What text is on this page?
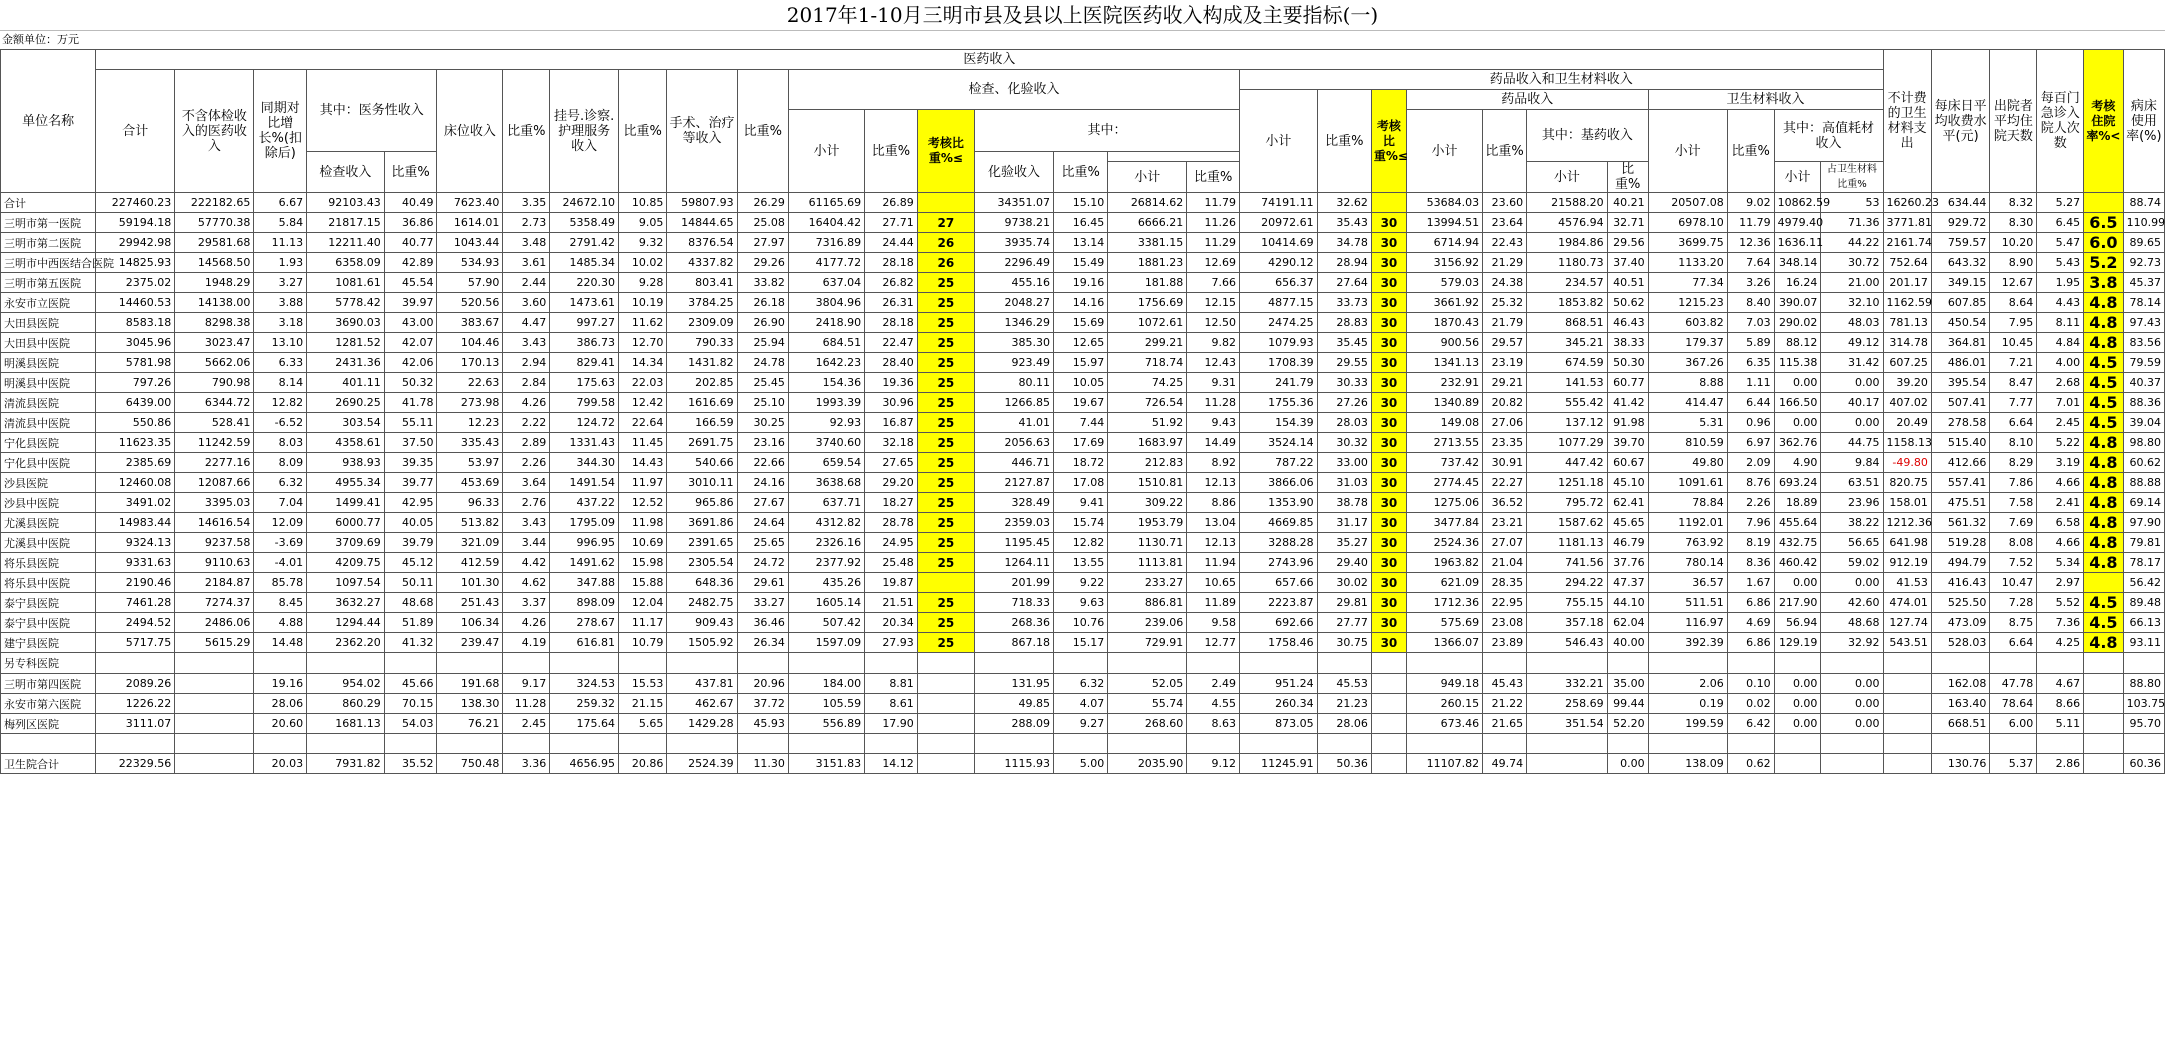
2017年1-10月三明市县及县以上医院医药收入构成及主要指标(一)
金额单位：万元
单位名称	医药收入																													不计费的卫生材料支出	每床日平均收费水平(元)	出院者平均住院天数	每百门急诊入院人次数	考核住院率%<	病床使用率(%)
	合计	不含体检收入的医药收入	同期对比增长%(扣除后)	其中：医务性收入		床位收入	比重%	挂号.诊察.护理服务收入	比重%	手术、治疗等收入	比重%	检查、化验收入							药品收入和卫生材料收入																
																			小计	比重%	考核比重%≤	药品收入				卫生材料收入									
												小计	比重%	考核比重%≤	其中：							小计	比重%	其中：基药收入		小计	比重%	其中：高值耗材收入							
				检查收入	比重%										化验收入	比重%																			
																	小计	比重%						小计	比重%			小计	占卫生材料比重%						
合计	227460.23	222182.65	6.67	92103.43	40.49	7623.40	3.35	24672.10	10.85	59807.93	26.29	61165.69	26.89		34351.07	15.10	26814.62	11.79	74191.11	32.62		53684.03	23.60	21588.20	40.21	20507.08	9.02	10862.59	53	16260.23	634.44	8.32	5.27		88.74
三明市第一医院	59194.18	57770.38	5.84	21817.15	36.86	1614.01	2.73	5358.49	9.05	14844.65	25.08	16404.42	27.71	27	9738.21	16.45	6666.21	11.26	20972.61	35.43	30	13994.51	23.64	4576.94	32.71	6978.10	11.79	4979.40	71.36	3771.81	929.72	8.30	6.45	6.5	110.99
三明市第二医院	29942.98	29581.68	11.13	12211.40	40.77	1043.44	3.48	2791.42	9.32	8376.54	27.97	7316.89	24.44	26	3935.74	13.14	3381.15	11.29	10414.69	34.78	30	6714.94	22.43	1984.86	29.56	3699.75	12.36	1636.11	44.22	2161.74	759.57	10.20	5.47	6.0	89.65
三明市中西医结合医院	14825.93	14568.50	1.93	6358.09	42.89	534.93	3.61	1485.34	10.02	4337.82	29.26	4177.72	28.18	26	2296.49	15.49	1881.23	12.69	4290.12	28.94	30	3156.92	21.29	1180.73	37.40	1133.20	7.64	348.14	30.72	752.64	643.32	8.90	5.43	5.2	92.73
三明市第五医院	2375.02	1948.29	3.27	1081.61	45.54	57.90	2.44	220.30	9.28	803.41	33.82	637.04	26.82	25	455.16	19.16	181.88	7.66	656.37	27.64	30	579.03	24.38	234.57	40.51	77.34	3.26	16.24	21.00	201.17	349.15	12.67	1.95	3.8	45.37
永安市立医院	14460.53	14138.00	3.88	5778.42	39.97	520.56	3.60	1473.61	10.19	3784.25	26.18	3804.96	26.31	25	2048.27	14.16	1756.69	12.15	4877.15	33.73	30	3661.92	25.32	1853.82	50.62	1215.23	8.40	390.07	32.10	1162.59	607.85	8.64	4.43	4.8	78.14
大田县医院	8583.18	8298.38	3.18	3690.03	43.00	383.67	4.47	997.27	11.62	2309.09	26.90	2418.90	28.18	25	1346.29	15.69	1072.61	12.50	2474.25	28.83	30	1870.43	21.79	868.51	46.43	603.82	7.03	290.02	48.03	781.13	450.54	7.95	8.11	4.8	97.43
大田县中医院	3045.96	3023.47	13.10	1281.52	42.07	104.46	3.43	386.73	12.70	790.33	25.94	684.51	22.47	25	385.30	12.65	299.21	9.82	1079.93	35.45	30	900.56	29.57	345.21	38.33	179.37	5.89	88.12	49.12	314.78	364.81	10.45	4.84	4.8	83.56
明溪县医院	5781.98	5662.06	6.33	2431.36	42.06	170.13	2.94	829.41	14.34	1431.82	24.78	1642.23	28.40	25	923.49	15.97	718.74	12.43	1708.39	29.55	30	1341.13	23.19	674.59	50.30	367.26	6.35	115.38	31.42	607.25	486.01	7.21	4.00	4.5	79.59
明溪县中医院	797.26	790.98	8.14	401.11	50.32	22.63	2.84	175.63	22.03	202.85	25.45	154.36	19.36	25	80.11	10.05	74.25	9.31	241.79	30.33	30	232.91	29.21	141.53	60.77	8.88	1.11	0.00	0.00	39.20	395.54	8.47	2.68	4.5	40.37
清流县医院	6439.00	6344.72	12.82	2690.25	41.78	273.98	4.26	799.58	12.42	1616.69	25.10	1993.39	30.96	25	1266.85	19.67	726.54	11.28	1755.36	27.26	30	1340.89	20.82	555.42	41.42	414.47	6.44	166.50	40.17	407.02	507.41	7.77	7.01	4.5	88.36
清流县中医院	550.86	528.41	-6.52	303.54	55.11	12.23	2.22	124.72	22.64	166.59	30.25	92.93	16.87	25	41.01	7.44	51.92	9.43	154.39	28.03	30	149.08	27.06	137.12	91.98	5.31	0.96	0.00	0.00	20.49	278.58	6.64	2.45	4.5	39.04
宁化县医院	11623.35	11242.59	8.03	4358.61	37.50	335.43	2.89	1331.43	11.45	2691.75	23.16	3740.60	32.18	25	2056.63	17.69	1683.97	14.49	3524.14	30.32	30	2713.55	23.35	1077.29	39.70	810.59	6.97	362.76	44.75	1158.13	515.40	8.10	5.22	4.8	98.80
宁化县中医院	2385.69	2277.16	8.09	938.93	39.35	53.97	2.26	344.30	14.43	540.66	22.66	659.54	27.65	25	446.71	18.72	212.83	8.92	787.22	33.00	30	737.42	30.91	447.42	60.67	49.80	2.09	4.90	9.84	-49.80	412.66	8.29	3.19	4.8	60.62
沙县医院	12460.08	12087.66	6.32	4955.34	39.77	453.69	3.64	1491.54	11.97	3010.11	24.16	3638.68	29.20	25	2127.87	17.08	1510.81	12.13	3866.06	31.03	30	2774.45	22.27	1251.18	45.10	1091.61	8.76	693.24	63.51	820.75	557.41	7.86	4.66	4.8	88.88
沙县中医院	3491.02	3395.03	7.04	1499.41	42.95	96.33	2.76	437.22	12.52	965.86	27.67	637.71	18.27	25	328.49	9.41	309.22	8.86	1353.90	38.78	30	1275.06	36.52	795.72	62.41	78.84	2.26	18.89	23.96	158.01	475.51	7.58	2.41	4.8	69.14
尤溪县医院	14983.44	14616.54	12.09	6000.77	40.05	513.82	3.43	1795.09	11.98	3691.86	24.64	4312.82	28.78	25	2359.03	15.74	1953.79	13.04	4669.85	31.17	30	3477.84	23.21	1587.62	45.65	1192.01	7.96	455.64	38.22	1212.36	561.32	7.69	6.58	4.8	97.90
尤溪县中医院	9324.13	9237.58	-3.69	3709.69	39.79	321.09	3.44	996.95	10.69	2391.65	25.65	2326.16	24.95	25	1195.45	12.82	1130.71	12.13	3288.28	35.27	30	2524.36	27.07	1181.13	46.79	763.92	8.19	432.75	56.65	641.98	519.28	8.08	4.66	4.8	79.81
将乐县医院	9331.63	9110.63	-4.01	4209.75	45.12	412.59	4.42	1491.62	15.98	2305.54	24.72	2377.92	25.48	25	1264.11	13.55	1113.81	11.94	2743.96	29.40	30	1963.82	21.04	741.56	37.76	780.14	8.36	460.42	59.02	912.19	494.79	7.52	5.34	4.8	78.17
将乐县中医院	2190.46	2184.87	85.78	1097.54	50.11	101.30	4.62	347.88	15.88	648.36	29.61	435.26	19.87		201.99	9.22	233.27	10.65	657.66	30.02	30	621.09	28.35	294.22	47.37	36.57	1.67	0.00	0.00	41.53	416.43	10.47	2.97		56.42
泰宁县医院	7461.28	7274.37	8.45	3632.27	48.68	251.43	3.37	898.09	12.04	2482.75	33.27	1605.14	21.51	25	718.33	9.63	886.81	11.89	2223.87	29.81	30	1712.36	22.95	755.15	44.10	511.51	6.86	217.90	42.60	474.01	525.50	7.28	5.52	4.5	89.48
泰宁县中医院	2494.52	2486.06	4.88	1294.44	51.89	106.34	4.26	278.67	11.17	909.43	36.46	507.42	20.34	25	268.36	10.76	239.06	9.58	692.66	27.77	30	575.69	23.08	357.18	62.04	116.97	4.69	56.94	48.68	127.74	473.09	8.75	7.36	4.5	66.13
建宁县医院	5717.75	5615.29	14.48	2362.20	41.32	239.47	4.19	616.81	10.79	1505.92	26.34	1597.09	27.93	25	867.18	15.17	729.91	12.77	1758.46	30.75	30	1366.07	23.89	546.43	40.00	392.39	6.86	129.19	32.92	543.51	528.03	6.64	4.25	4.8	93.11
另专科医院																																			
三明市第四医院	2089.26		19.16	954.02	45.66	191.68	9.17	324.53	15.53	437.81	20.96	184.00	8.81		131.95	6.32	52.05	2.49	951.24	45.53		949.18	45.43	332.21	35.00	2.06	0.10	0.00	0.00		162.08	47.78	4.67		88.80
永安市第六医院	1226.22		28.06	860.29	70.15	138.30	11.28	259.32	21.15	462.67	37.72	105.59	8.61		49.85	4.07	55.74	4.55	260.34	21.23		260.15	21.22	258.69	99.44	0.19	0.02	0.00	0.00		163.40	78.64	8.66		103.75
梅列区医院	3111.07		20.60	1681.13	54.03	76.21	2.45	175.64	5.65	1429.28	45.93	556.89	17.90		288.09	9.27	268.60	8.63	873.05	28.06		673.46	21.65	351.54	52.20	199.59	6.42	0.00	0.00		668.51	6.00	5.11		95.70

卫生院合计	22329.56		20.03	7931.82	35.52	750.48	3.36	4656.95	20.86	2524.39	11.30	3151.83	14.12		1115.93	5.00	2035.90	9.12	11245.91	50.36		11107.82	49.74		0.00	138.09	0.62				130.76	5.37	2.86		60.36
